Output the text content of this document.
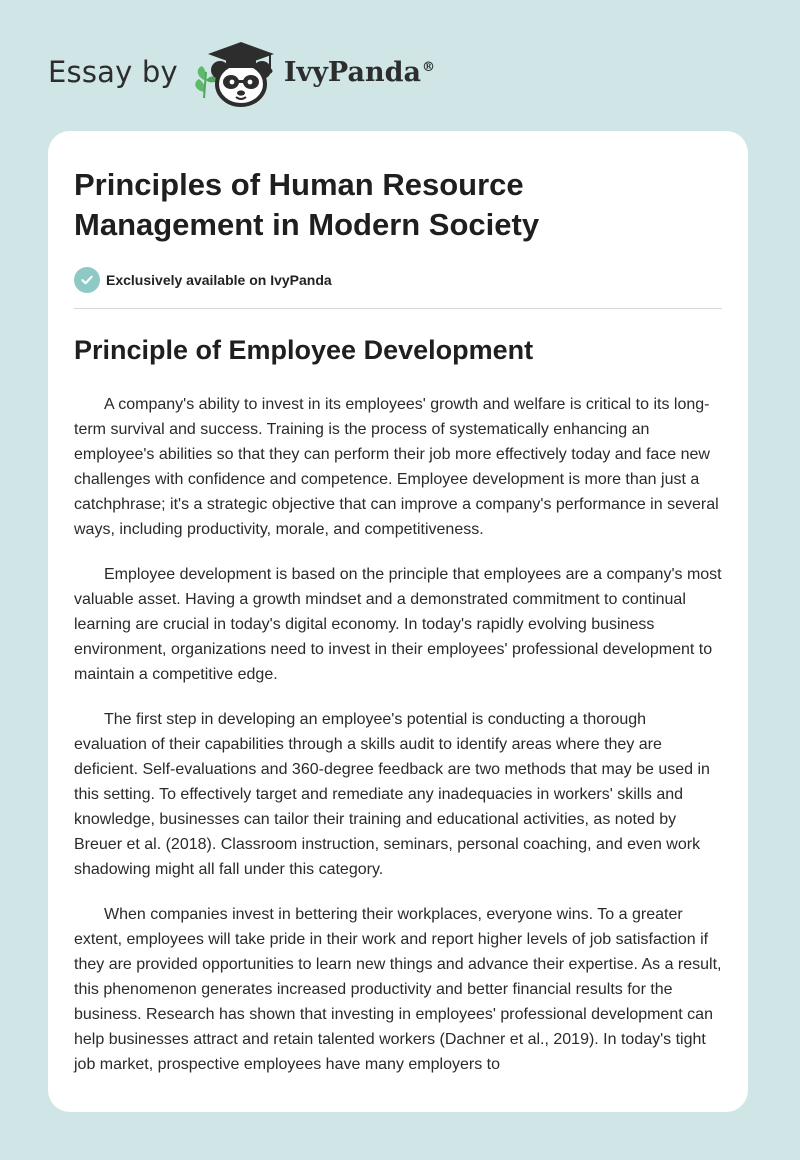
Essay by	IvyPanda®
Principles of Human Resource Management in Modern Society
Exclusively available on IvyPanda
Principle of Employee Development

A company's ability to invest in its employees' growth and welfare is critical to its long-term survival and success. Training is the process of systematically enhancing an employee's abilities so that they can perform their job more effectively today and face new challenges with confidence and competence. Employee development is more than just a catchphrase; it's a strategic objective that can improve a company's performance in several ways, including productivity, morale, and competitiveness.

Employee development is based on the principle that employees are a company's most valuable asset. Having a growth mindset and a demonstrated commitment to continual learning are crucial in today's digital economy. In today's rapidly evolving business environment, organizations need to invest in their employees' professional development to maintain a competitive edge.

The first step in developing an employee's potential is conducting a thorough evaluation of their capabilities through a skills audit to identify areas where they are deficient. Self-evaluations and 360-degree feedback are two methods that may be used in this setting. To effectively target and remediate any inadequacies in workers' skills and knowledge, businesses can tailor their training and educational activities, as noted by Breuer et al. (2018). Classroom instruction, seminars, personal coaching, and even work shadowing might all fall under this category.

When companies invest in bettering their workplaces, everyone wins. To a greater extent, employees will take pride in their work and report higher levels of job satisfaction if they are provided opportunities to learn new things and advance their expertise. As a result, this phenomenon generates increased productivity and better financial results for the business. Research has shown that investing in employees' professional development can help businesses attract and retain talented workers (Dachner et al., 2019). In today's tight job market, prospective employees have many employers to
